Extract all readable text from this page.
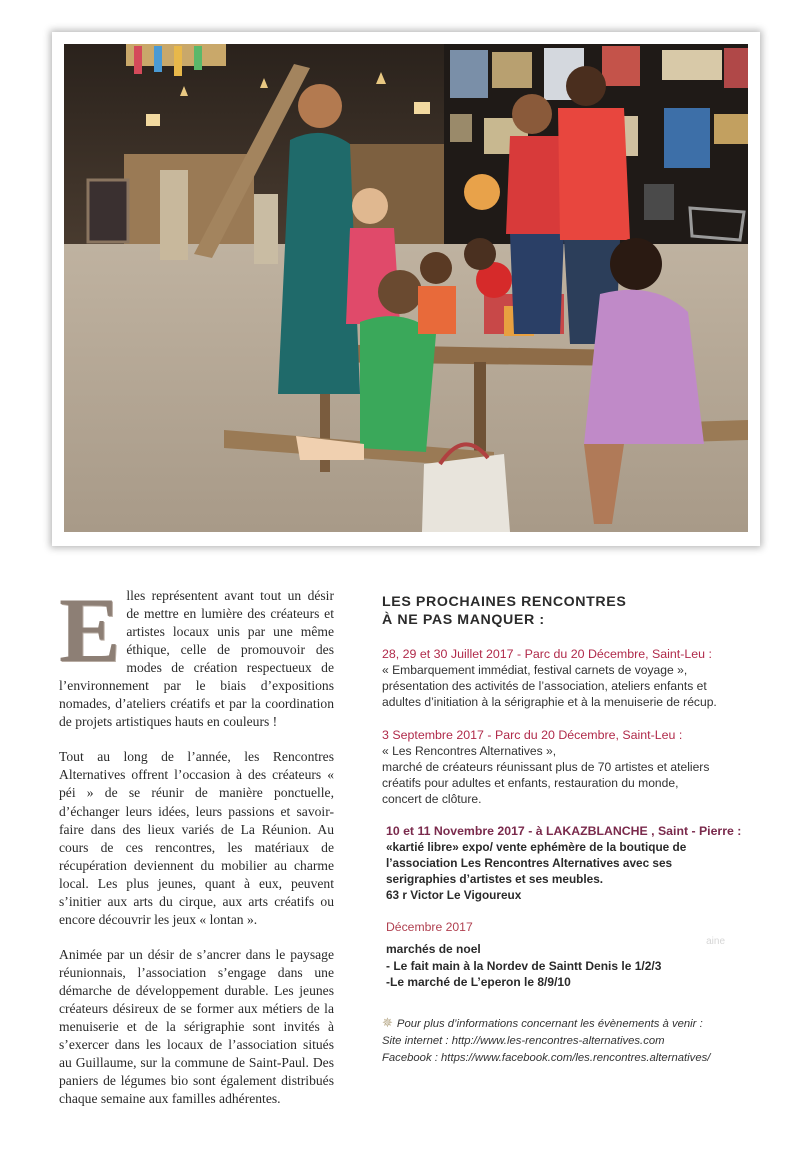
Elles représentent avant tout un désir de mettre en lumière des créateurs et artistes locaux unis par une même éthique, celle de promouvoir des modes de création respectueux de l’environnement par le biais d’expositions nomades, d’ateliers créatifs et par la coordination de projets artistiques hauts en couleurs !

Tout au long de l’année, les Rencontres Alternatives offrent l’occasion à des créateurs « péi » de se réunir de manière ponctuelle, d’échanger leurs idées, leurs passions et savoir-faire dans des lieux variés de La Réunion. Au cours de ces rencontres, les matériaux de récupération deviennent du mobilier au charme local. Les plus jeunes, quant à eux, peuvent s’initier aux arts du cirque, aux arts créatifs ou encore découvrir les jeux « lontan ».

Animée par un désir de s’ancrer dans le paysage réunionnais, l’association s’engage dans une démarche de développement durable. Les jeunes créateurs désireux de se former aux métiers de la menuiserie et de la sérigraphie sont invités à s’exercer dans les locaux de l’association situés au Guillaume, sur la commune de Saint-Paul. Des paniers de légumes bio sont également distribués chaque semaine aux familles adhérentes.

LES PROCHAINES RENCONTRES
À NE PAS MANQUER :
28, 29 et 30 Juillet 2017 - Parc du 20 Décembre, Saint-Leu :
« Embarquement immédiat, festival carnets de voyage »,
présentation des activités de l’association, ateliers enfants et
adultes d’initiation à la sérigraphie et à la menuiserie de récup.
3 Septembre 2017 - Parc du 20 Décembre, Saint-Leu :
« Les Rencontres Alternatives »,
marché de créateurs réunissant plus de 70 artistes et ateliers
créatifs pour adultes et enfants, restauration du monde,
concert de clôture.
10 et 11 Novembre 2017 - à LAKAZBLANCHE , Saint - Pierre :
«kartié libre» expo/ vente ephémère de la boutique de
l’association Les Rencontres Alternatives avec ses
serigraphies d’artistes et ses meubles.
63 r Victor Le Vigoureux
Décembre 2017
marchés de noel
- Le fait main à la Nordev de Saintt Denis le 1/2/3
-Le marché de L’eperon le 8/9/10
aine
✵ Pour plus d’informations concernant les évènements à venir :
Site internet : http://www.les-rencontres-alternatives.com
Facebook : https://www.facebook.com/les.rencontres.alternatives/
